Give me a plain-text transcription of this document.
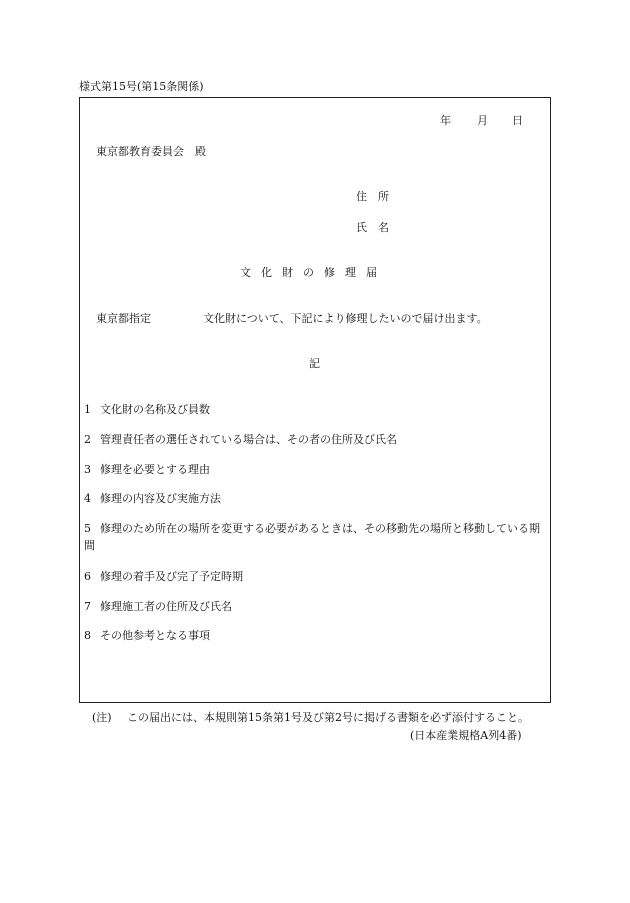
様式第15号(第15条関係)
年 月 日
東京都教育委員会　殿
住　所
氏　名
文化財の修理届
東京都指定	文化財について、下記により修理したいので届け出ます。
記
1 文化財の名称及び員数
2 管理責任者の選任されている場合は、その者の住所及び氏名
3 修理を必要とする理由
4 修理の内容及び実施方法
5 修理のため所在の場所を変更する必要があるときは、その移動先の場所と移動している期間
6 修理の着手及び完了予定時期
7 修理施工者の住所及び氏名
8 その他参考となる事項
(注) この届出には、本規則第15条第1号及び第2号に掲げる書類を必ず添付すること。
(日本産業規格A列4番)
